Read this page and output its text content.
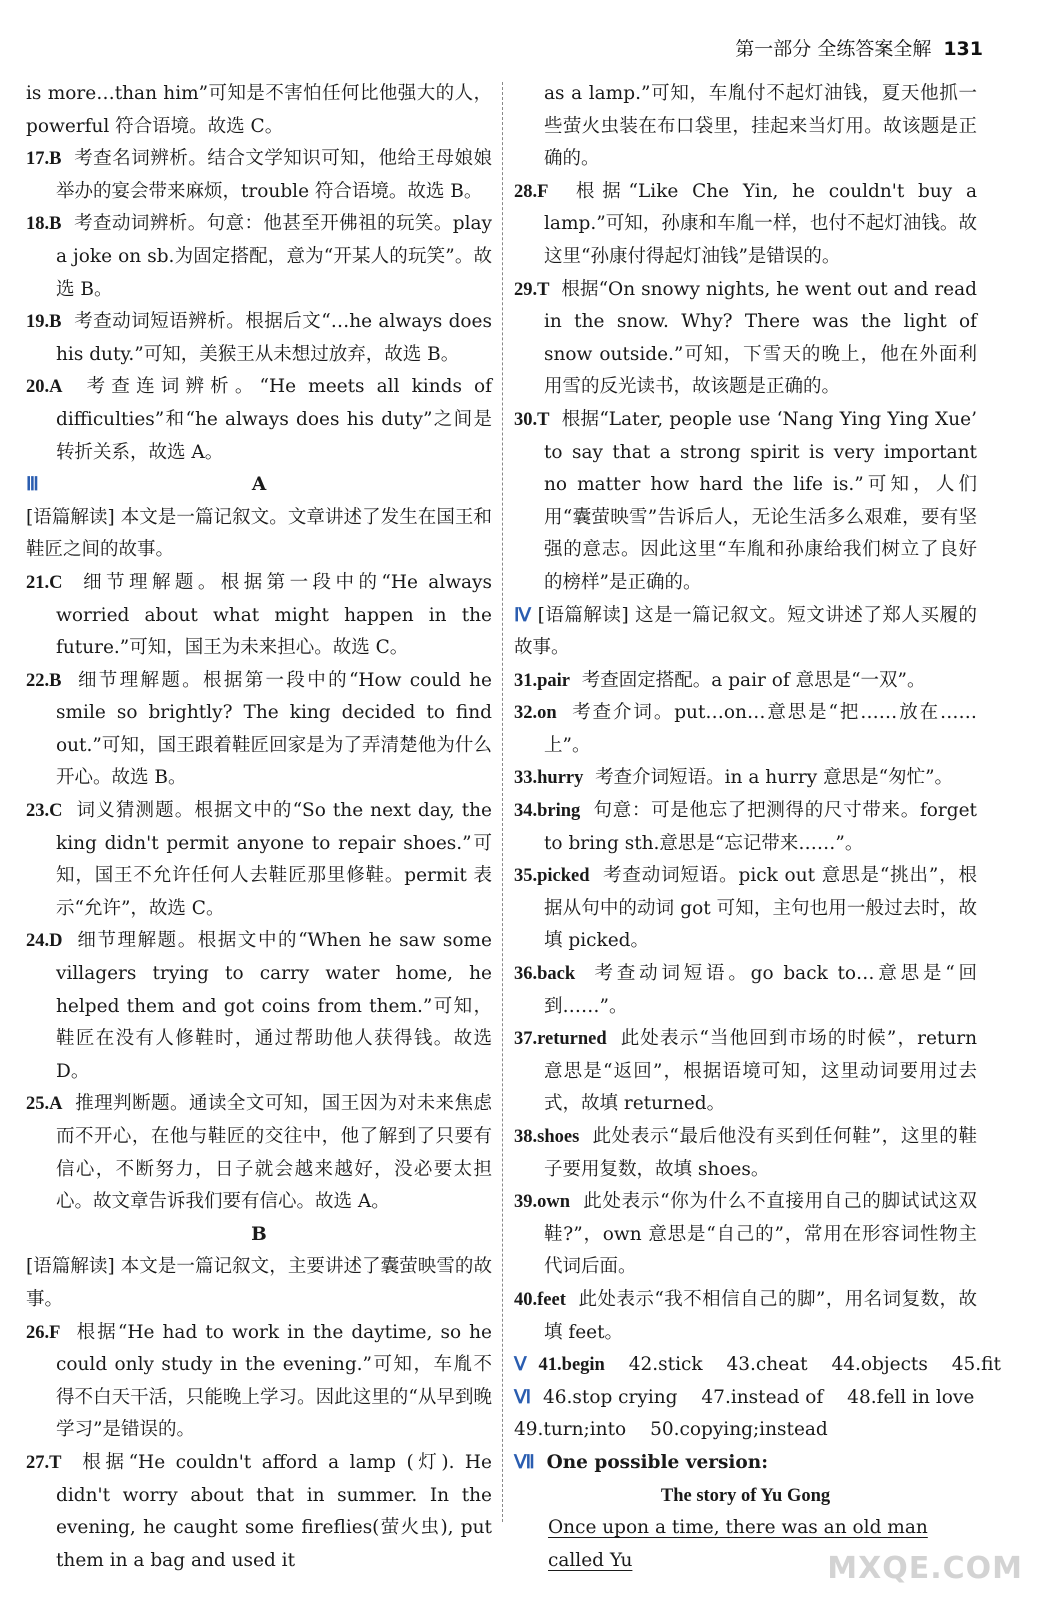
第一部分 全练答案全解 131

is more…than him”可知是不害怕任何比他强大的人，powerful 符合语境。故选 C。

17.B 考查名词辨析。结合文学知识可知，他给王母娘娘举办的宴会带来麻烦，trouble 符合语境。故选 B。

18.B 考查动词辨析。句意：他甚至开佛祖的玩笑。play a joke on sb.为固定搭配，意为“开某人的玩笑”。故选 B。

19.B 考查动词短语辨析。根据后文“…he always does his duty.”可知，美猴王从未想过放弃，故选 B。

20.A 考查连词辨析。“He meets all kinds of difficulties”和“he always does his duty”之间是转折关系，故选 A。

Ⅲ	A

[语篇解读] 本文是一篇记叙文。文章讲述了发生在国王和鞋匠之间的故事。

21.C 细节理解题。根据第一段中的“He always worried about what might happen in the future.”可知，国王为未来担心。故选 C。

22.B 细节理解题。根据第一段中的“How could he smile so brightly? The king decided to find out.”可知，国王跟着鞋匠回家是为了弄清楚他为什么开心。故选 B。

23.C 词义猜测题。根据文中的“So the next day, the king didn't permit anyone to repair shoes.”可知，国王不允许任何人去鞋匠那里修鞋。permit 表示“允许”，故选 C。

24.D 细节理解题。根据文中的“When he saw some villagers trying to carry water home, he helped them and got coins from them.”可知，鞋匠在没有人修鞋时，通过帮助他人获得钱。故选 D。

25.A 推理判断题。通读全文可知，国王因为对未来焦虑而不开心，在他与鞋匠的交往中，他了解到了只要有信心，不断努力，日子就会越来越好，没必要太担心。故文章告诉我们要有信心。故选 A。

B

[语篇解读] 本文是一篇记叙文，主要讲述了囊萤映雪的故事。

26.F 根据“He had to work in the daytime, so he could only study in the evening.”可知，车胤不得不白天干活，只能晚上学习。因此这里的“从早到晚学习”是错误的。

27.T 根据“He couldn't afford a lamp (灯). He didn't worry about that in summer. In the evening, he caught some fireflies(萤火虫), put them in a bag and used it

as a lamp.”可知，车胤付不起灯油钱，夏天他抓一些萤火虫装在布口袋里，挂起来当灯用。故该题是正确的。

28.F 根据“Like Che Yin, he couldn't buy a lamp.”可知，孙康和车胤一样，也付不起灯油钱。故这里“孙康付得起灯油钱”是错误的。

29.T 根据“On snowy nights, he went out and read in the snow. Why? There was the light of snow outside.”可知，下雪天的晚上，他在外面利用雪的反光读书，故该题是正确的。

30.T 根据“Later, people use ‘Nang Ying Ying Xue’ to say that a strong spirit is very important no matter how hard the life is.”可知，人们用“囊萤映雪”告诉后人，无论生活多么艰难，要有坚强的意志。因此这里“车胤和孙康给我们树立了良好的榜样”是正确的。

Ⅳ [语篇解读] 这是一篇记叙文。短文讲述了郑人买履的故事。

31.pair 考查固定搭配。a pair of 意思是“一双”。

32.on 考查介词。put…on…意思是“把……放在……上”。

33.hurry 考查介词短语。in a hurry 意思是“匆忙”。

34.bring 句意：可是他忘了把测得的尺寸带来。forget to bring sth.意思是“忘记带来……”。

35.picked 考查动词短语。pick out 意思是“挑出”，根据从句中的动词 got 可知，主句也用一般过去时，故填 picked。

36.back 考查动词短语。go back to…意思是“回到……”。

37.returned 此处表示“当他回到市场的时候”，return 意思是“返回”，根据语境可知，这里动词要用过去式，故填 returned。

38.shoes 此处表示“最后他没有买到任何鞋”，这里的鞋子要用复数，故填 shoes。

39.own 此处表示“你为什么不直接用自己的脚试试这双鞋?”，own 意思是“自己的”，常用在形容词性物主代词后面。

40.feet 此处表示“我不相信自己的脚”，用名词复数，故填 feet。

Ⅴ 41.begin 42.stick 43.cheat 44.objects 45.fit

Ⅵ 46.stop crying 47.instead of 48.fell in love

49.turn;into 50.copying;instead

Ⅶ One possible version:

The story of Yu Gong

Once upon a time, there was an old man called Yu	MXQE.COM
